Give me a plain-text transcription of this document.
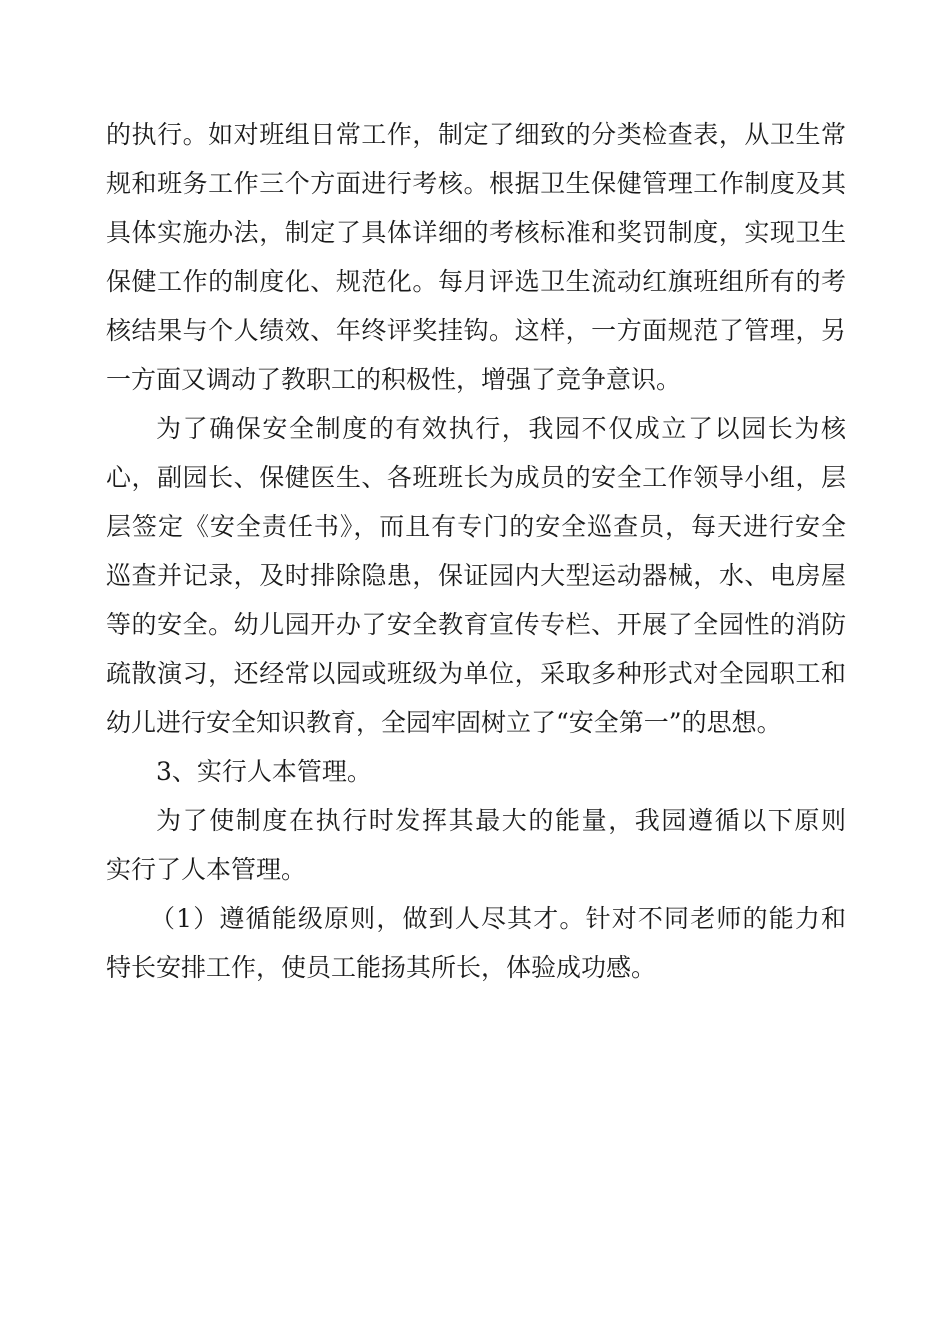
的执行。如对班组日常工作，制定了细致的分类检查表，从卫生常
规和班务工作三个方面进行考核。根据卫生保健管理工作制度及其
具体实施办法，制定了具体详细的考核标准和奖罚制度，实现卫生
保健工作的制度化、规范化。每月评选卫生流动红旗班组所有的考
核结果与个人绩效、年终评奖挂钩。这样，一方面规范了管理，另
一方面又调动了教职工的积极性，增强了竞争意识。
为了确保安全制度的有效执行，我园不仅成立了以园长为核
心，副园长、保健医生、各班班长为成员的安全工作领导小组，层
层签定《安全责任书》，而且有专门的安全巡查员，每天进行安全
巡查并记录，及时排除隐患，保证园内大型运动器械，水、电房屋
等的安全。幼儿园开办了安全教育宣传专栏、开展了全园性的消防
疏散演习，还经常以园或班级为单位，采取多种形式对全园职工和
幼儿进行安全知识教育，全园牢固树立了“安全第一”的思想。
3、实行人本管理。
为了使制度在执行时发挥其最大的能量，我园遵循以下原则
实行了人本管理。
（1）遵循能级原则，做到人尽其才。针对不同老师的能力和
特长安排工作，使员工能扬其所长，体验成功感。
